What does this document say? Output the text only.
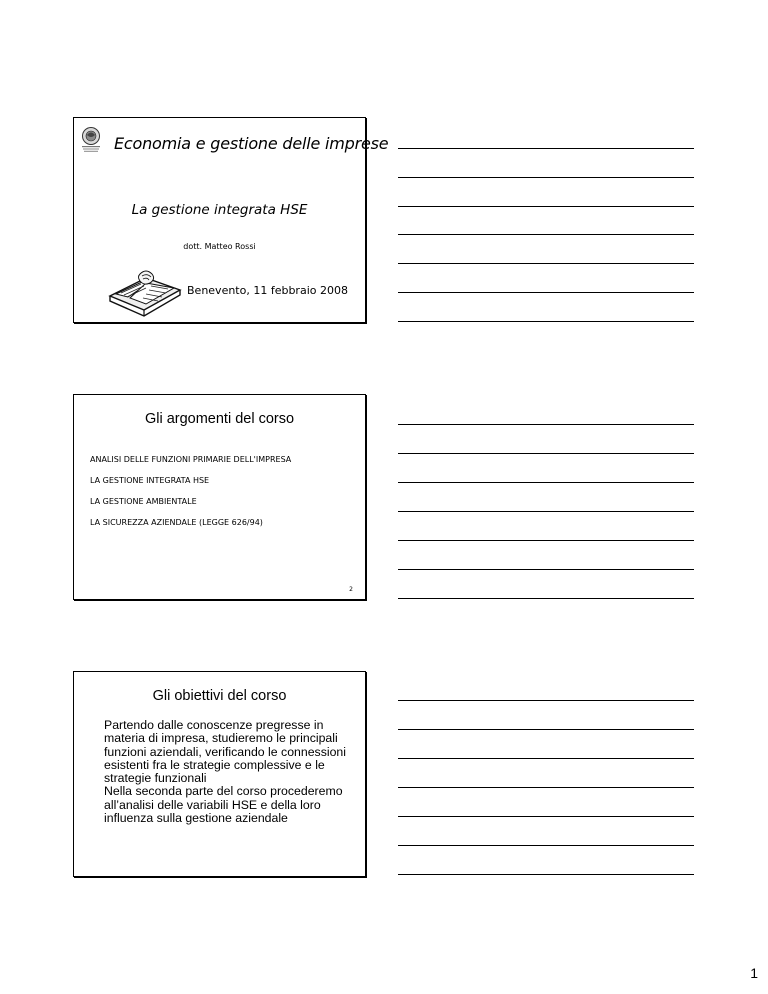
Economia e gestione delle imprese
La gestione integrata HSE
dott. Matteo Rossi
Benevento, 11 febbraio 2008
Gli argomenti del corso
ANALISI DELLE FUNZIONI PRIMARIE DELL'IMPRESA
LA GESTIONE INTEGRATA HSE
LA GESTIONE AMBIENTALE
LA SICUREZZA AZIENDALE (LEGGE 626/94)
2
Gli obiettivi del corso

Partendo dalle conoscenze pregresse in materia di impresa, studieremo le principali funzioni aziendali, verificando le connessioni esistenti fra le strategie complessive e le strategie funzionali

Nella seconda parte del corso procederemo all’analisi delle variabili HSE e della loro influenza sulla gestione aziendale

1
